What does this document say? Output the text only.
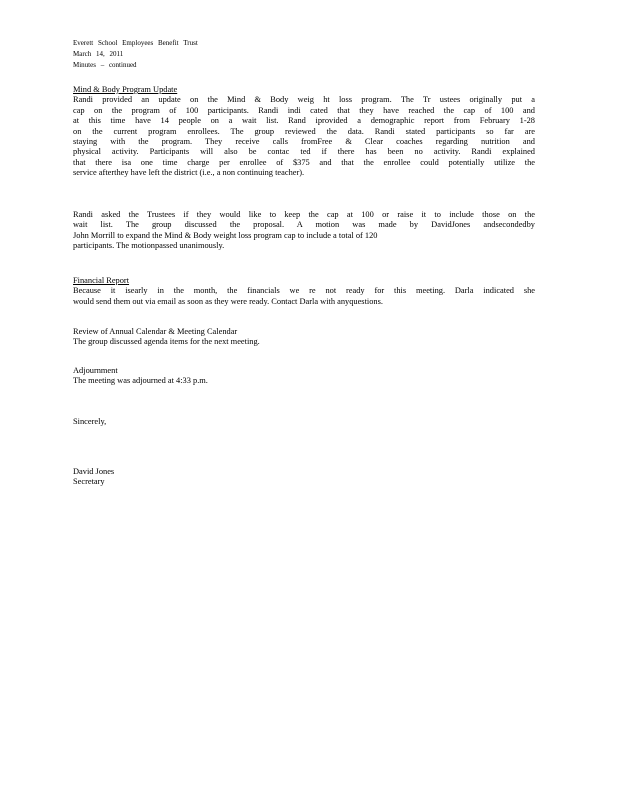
Everett School Employees Benefit Trust
March 14, 2011
Minutes – continued
Mind & Body Program Update
Randi provided an update on the Mind & Body weig ht loss program. The Tr ustees originally put a
cap on the program of 100 participants. Randi indi cated that they have reached the cap of 100 and
at this time have 14 people on a wait list. Rand iprovided a demographic report from February 1-28
on the current program enrollees. The group reviewed the data. Randi stated participants so far are
staying with the program. They receive calls fromFree & Clear coaches regarding nutrition and
physical activity. Participants will also be contac ted if there has been no activity. Randi explained
that there isa one time charge per enrollee of $375 and that the enrollee could potentially utilize the
service afterthey have left the district (i.e., a non continuing teacher).
Randi asked the Trustees if they would like to keep the cap at 100 or raise it to include those on the
wait list. The group discussed the proposal. A motion was made by DavidJones andsecondedby
John Morrill to expand the Mind & Body weight loss program cap to include a total of 120
participants. The motionpassed unanimously.
Financial Report
Because it isearly in the month, the financials we re not ready for this meeting. Darla indicated she
would send them out via email as soon as they were ready. Contact Darla with anyquestions.
Review of Annual Calendar & Meeting Calendar
The group discussed agenda items for the next meeting.
Adjournment
The meeting was adjourned at 4:33 p.m.
Sincerely,
David Jones
Secretary
